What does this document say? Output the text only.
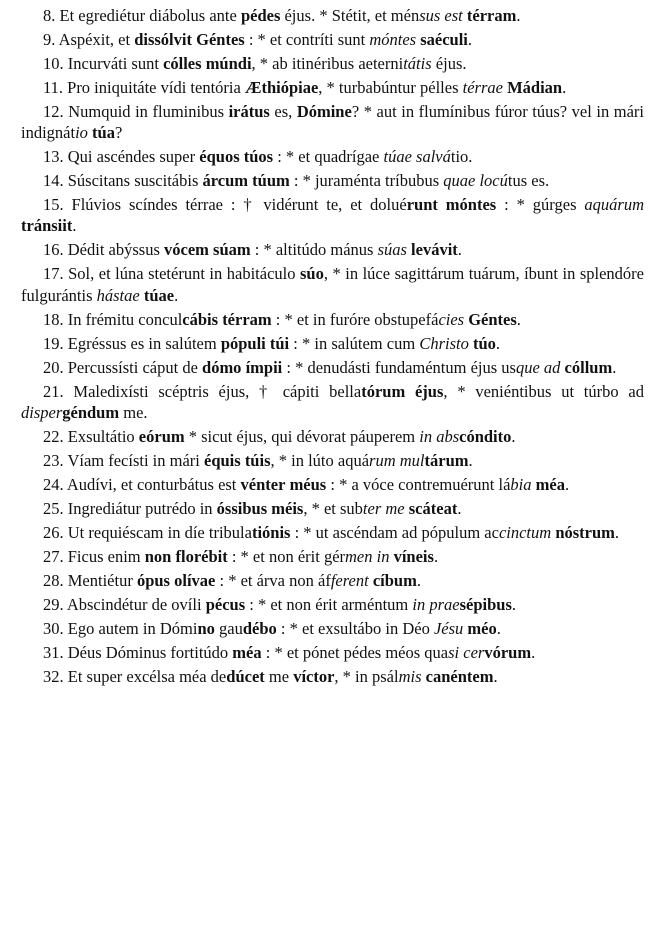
8. Et egrediétur diábolus ante pédes éjus. * Stétit, et ménsus est térram.

9. Aspéxit, et dissólvit Géntes : * et contríti sunt móntes saéculi.

10. Incurváti sunt cólles múndi, * ab itinéribus aeternitátis éjus.

11. Pro iniquitáte vídi tentória Æthiópiae, * turbabúntur pélles térrae Mádian.

12. Numquid in fluminibus irátus es, Dómine? * aut in flumínibus fúror túus? vel in mári indignátio túa?

13. Qui ascéndes super équos túos : * et quadrígae túae salvátio.

14. Súscitans suscitábis árcum túum : * juraménta tríbubus quae locútus es.

15. Flúvios scíndes térrae : † vidérunt te, et doluérunt móntes : * gúrges aquárum tránsiit.

16. Dédit abýssus vócem súam : * altitúdo mánus súas levávit.

17. Sol, et lúna stetérunt in habitáculo súo, * in lúce sagittárum tuárum, íbunt in splendóre fulgurántis hástae túae.

18. In frémitu conculcábis térram : * et in furóre obstupefácies Géntes.

19. Egréssus es in salútem pópuli túi : * in salútem cum Christo túo.

20. Percussísti cáput de dómo ímpii : * denudásti fundaméntum éjus usque ad cóllum.

21. Maledixísti scéptris éjus, † cápiti bellatórum éjus, * veniéntibus ut túrbo ad dispergéndum me.

22. Exsultátio eórum * sicut éjus, qui dévorat páuperem in abscóndito.

23. Víam fecísti in mári équis túis, * in lúto aquárum multárum.

24. Audívi, et conturbátus est vénter méus : * a vóce contremuérunt lábia méa.

25. Ingrediátur putrédo in óssibus méis, * et subter me scáteat.

26. Ut requiéscam in díe tribulatiónis : * ut ascéndam ad pópulum accinctum nóstrum.

27. Ficus enim non florébit : * et non érit gérmen in víneis.

28. Mentiétur ópus olívae : * et árva non áfferent cíbum.

29. Abscindétur de ovíli pécus : * et non érit arméntum in praesépibus.

30. Ego autem in Dómino gaudébo : * et exsultábo in Déo Jésu méo.

31. Déus Dóminus fortitúdo méa : * et pónet pédes méos quasi cervórum.

32. Et super excélsa méa dedúcet me víctor, * in psálmis canéntem.
